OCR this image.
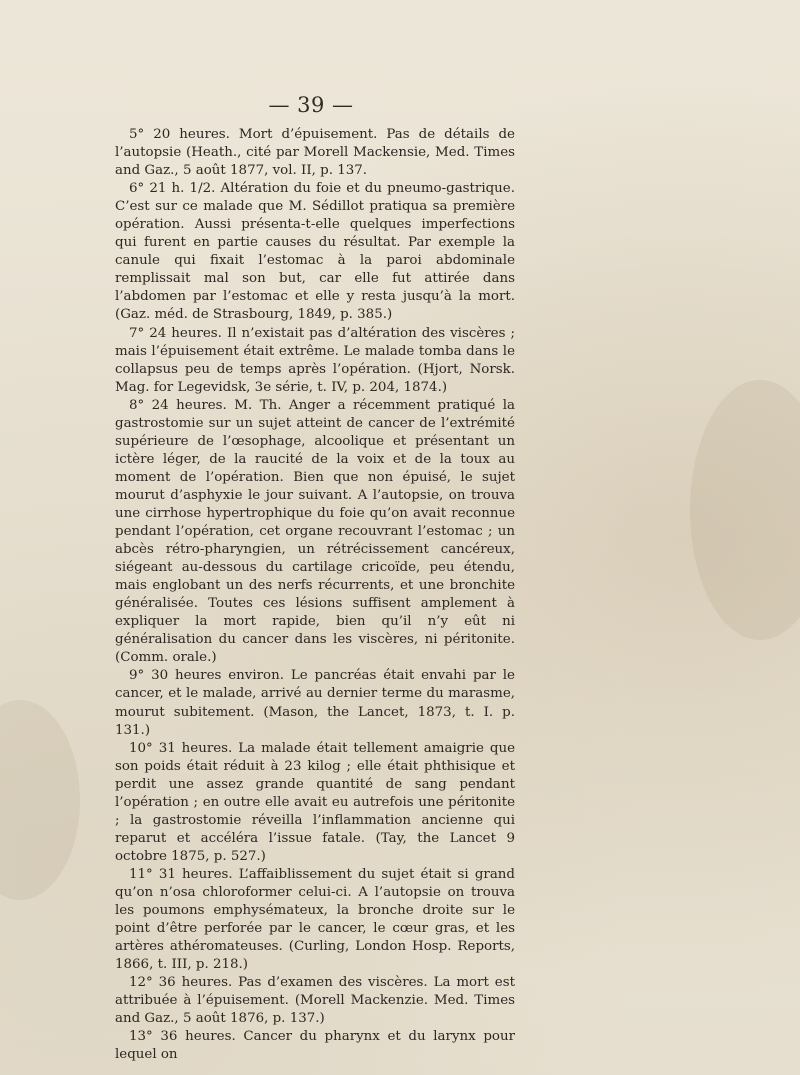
— 39 —

5° 20 heures. Mort d’épuisement. Pas de détails de l’autopsie (Heath., cité par Morell Mackensie, Med. Times and Gaz., 5 août 1877, vol. II, p. 137.

6° 21 h. 1/2. Altération du foie et du pneumo-gastrique. C’est sur ce malade que M. Sédillot pratiqua sa première opération. Aussi présenta-t-elle quelques imperfections qui furent en partie causes du résultat. Par exemple la canule qui fixait l’estomac à la paroi abdominale remplissait mal son but, car elle fut attirée dans l’abdomen par l’estomac et elle y resta jusqu’à la mort. (Gaz. méd. de Strasbourg, 1849, p. 385.)

7° 24 heures. Il n’existait pas d’altération des viscères ; mais l’épuisement était extrême. Le malade tomba dans le collapsus peu de temps après l’opération. (Hjort, Norsk. Mag. for Legevidsk, 3e série, t. IV, p. 204, 1874.)

8° 24 heures. M. Th. Anger a récemment pratiqué la gastrostomie sur un sujet atteint de cancer de l’extrémité supérieure de l’œsophage, alcoolique et présentant un ictère léger, de la raucité de la voix et de la toux au moment de l’opération. Bien que non épuisé, le sujet mourut d’asphyxie le jour suivant. A l’autopsie, on trouva une cirrhose hypertrophique du foie qu’on avait reconnue pendant l’opération, cet organe recouvrant l’estomac ; un abcès rétro-pharyngien, un rétrécissement cancéreux, siégeant au-dessous du cartilage cricoïde, peu étendu, mais englobant un des nerfs récurrents, et une bronchite généralisée. Toutes ces lésions suffisent amplement à expliquer la mort rapide, bien qu’il n’y eût ni généralisation du cancer dans les viscères, ni péritonite. (Comm. orale.)

9° 30 heures environ. Le pancréas était envahi par le cancer, et le malade, arrivé au dernier terme du marasme, mourut subitement. (Mason, the Lancet, 1873, t. I. p. 131.)

10° 31 heures. La malade était tellement amaigrie que son poids était réduit à 23 kilog ; elle était phthisique et perdit une assez grande quantité de sang pendant l’opération ; en outre elle avait eu autrefois une péritonite ; la gastrostomie réveilla l’inflammation ancienne qui reparut et accéléra l’issue fatale. (Tay, the Lancet 9 octobre 1875, p. 527.)

11° 31 heures. L’affaiblissement du sujet était si grand qu’on n’osa chloroformer celui-ci. A l’autopsie on trouva les poumons emphysémateux, la bronche droite sur le point d’être perforée par le cancer, le cœur gras, et les artères athéromateuses. (Curling, London Hosp. Reports, 1866, t. III, p. 218.)

12° 36 heures. Pas d’examen des viscères. La mort est attribuée à l’épuisement. (Morell Mackenzie. Med. Times and Gaz., 5 août 1876, p. 137.)

13° 36 heures. Cancer du pharynx et du larynx pour lequel on
